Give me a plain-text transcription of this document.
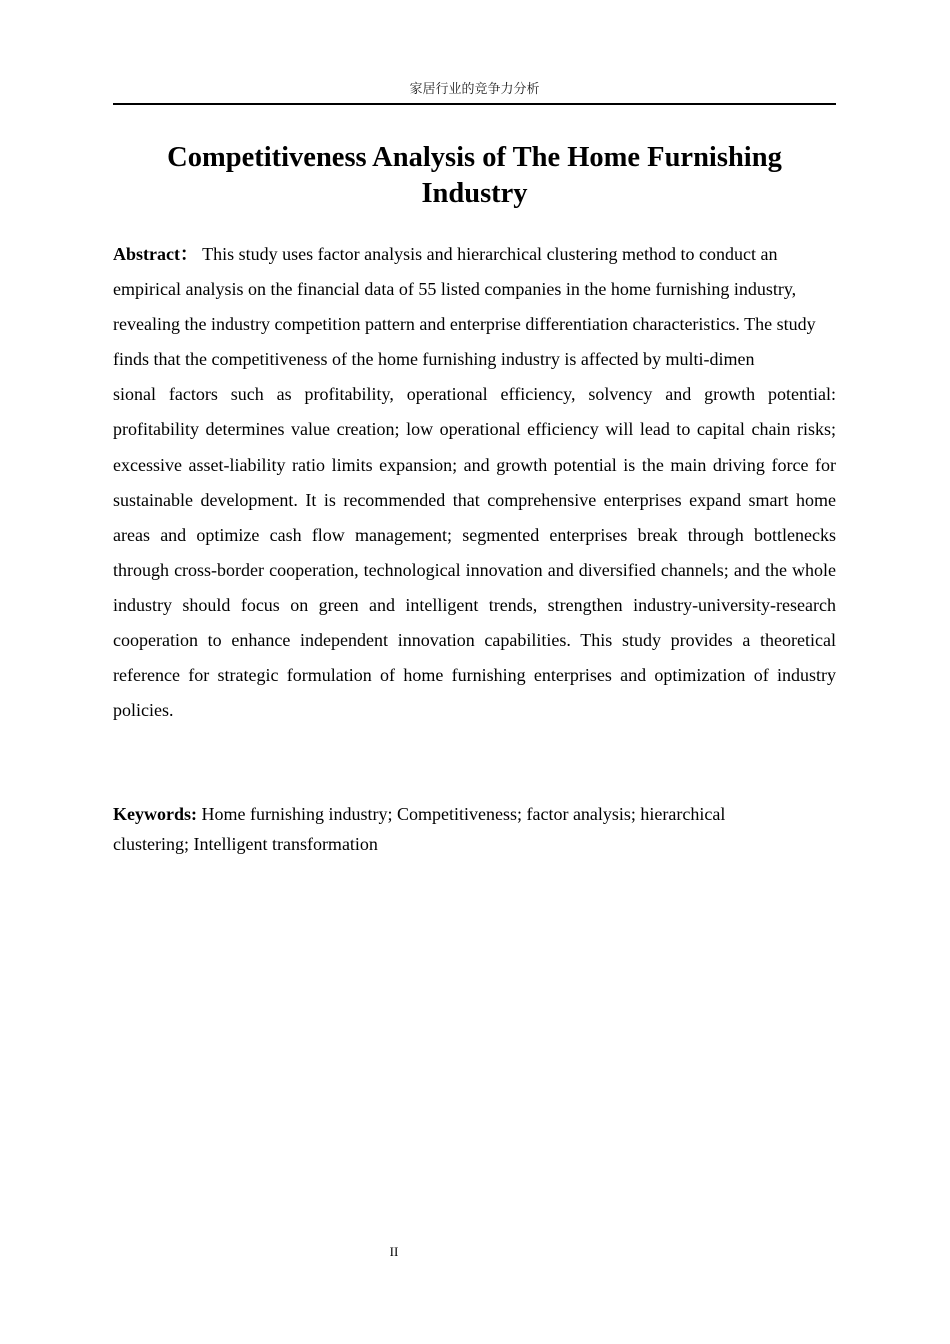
家居行业的竞争力分析
Competitiveness Analysis of The Home Furnishing Industry

Abstract： This study uses factor analysis and hierarchical clustering method to conduct an empirical analysis on the financial data of 55 listed companies in the home furnishing industry, revealing the industry competition pattern and enterprise differentiation characteristics. The study finds that the competitiveness of the home furnishing industry is affected by multi-dimen

sional factors such as profitability, operational efficiency, solvency and growth potential: profitability determines value creation; low operational efficiency will lead to capital chain risks; excessive asset-liability ratio limits expansion; and growth potential is the main driving force for sustainable development. It is recommended that comprehensive enterprises expand smart home areas and optimize cash flow management; segmented enterprises break through bottlenecks through cross-border cooperation, technological innovation and diversified channels; and the whole industry should focus on green and intelligent trends, strengthen industry-university-research cooperation to enhance independent innovation capabilities. This study provides a theoretical reference for strategic formulation of home furnishing enterprises and optimization of industry policies.

Keywords: Home furnishing industry; Competitiveness; factor analysis; hierarchical clustering; Intelligent transformation

II
